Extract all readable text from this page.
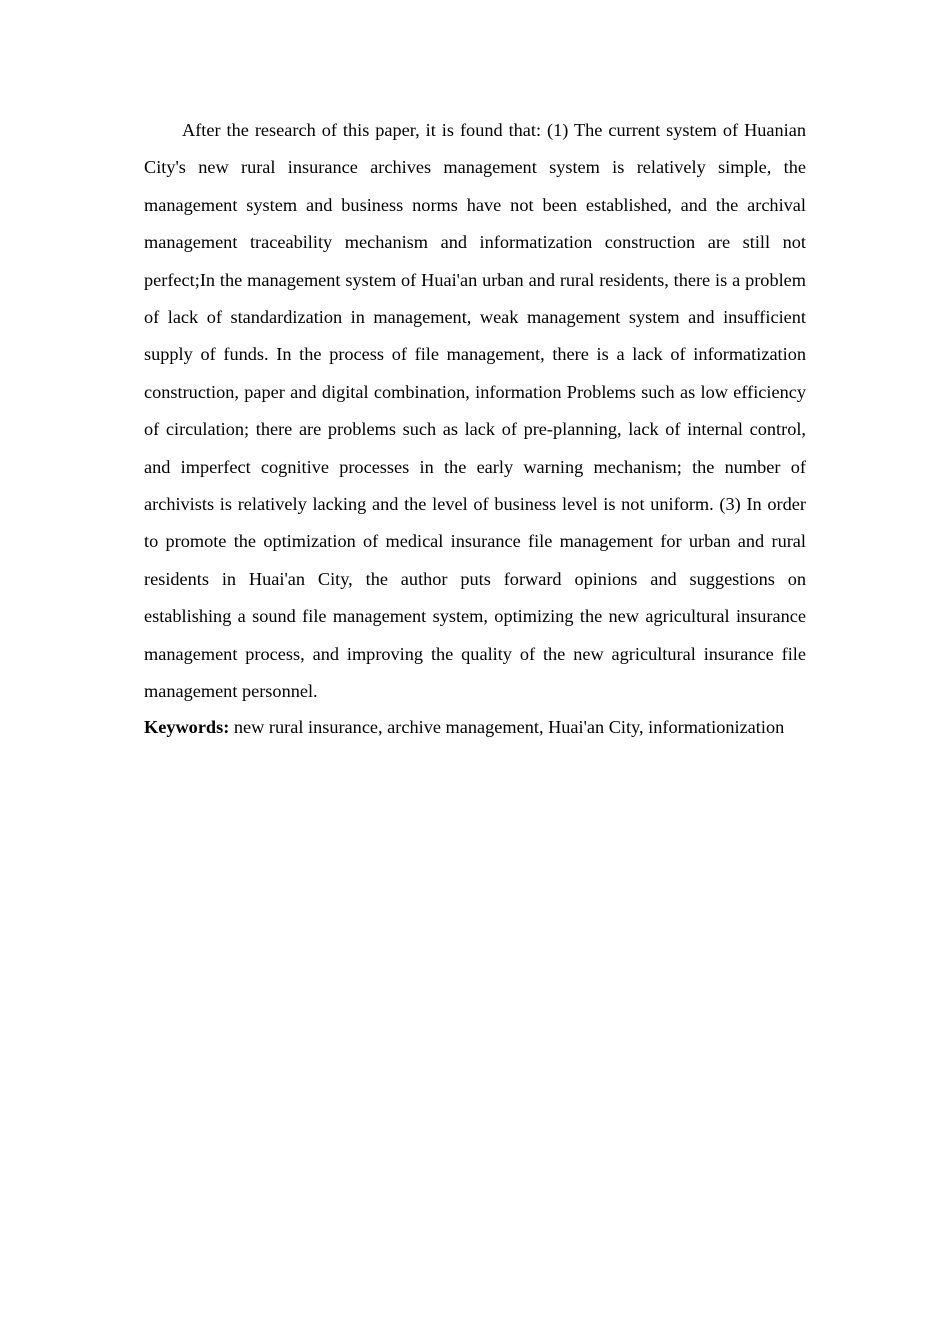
After the research of this paper, it is found that: (1) The current system of Huanian City's new rural insurance archives management system is relatively simple, the management system and business norms have not been established, and the archival management traceability mechanism and informatization construction are still not perfect;In the management system of Huai'an urban and rural residents, there is a problem of lack of standardization in management, weak management system and insufficient supply of funds. In the process of file management, there is a lack of informatization construction, paper and digital combination, information Problems such as low efficiency of circulation; there are problems such as lack of pre-planning, lack of internal control, and imperfect cognitive processes in the early warning mechanism; the number of archivists is relatively lacking and the level of business level is not uniform. (3) In order to promote the optimization of medical insurance file management for urban and rural residents in Huai'an City, the author puts forward opinions and suggestions on establishing a sound file management system, optimizing the new agricultural insurance management process, and improving the quality of the new agricultural insurance file management personnel.

Keywords: new rural insurance, archive management, Huai'an City, informationization
